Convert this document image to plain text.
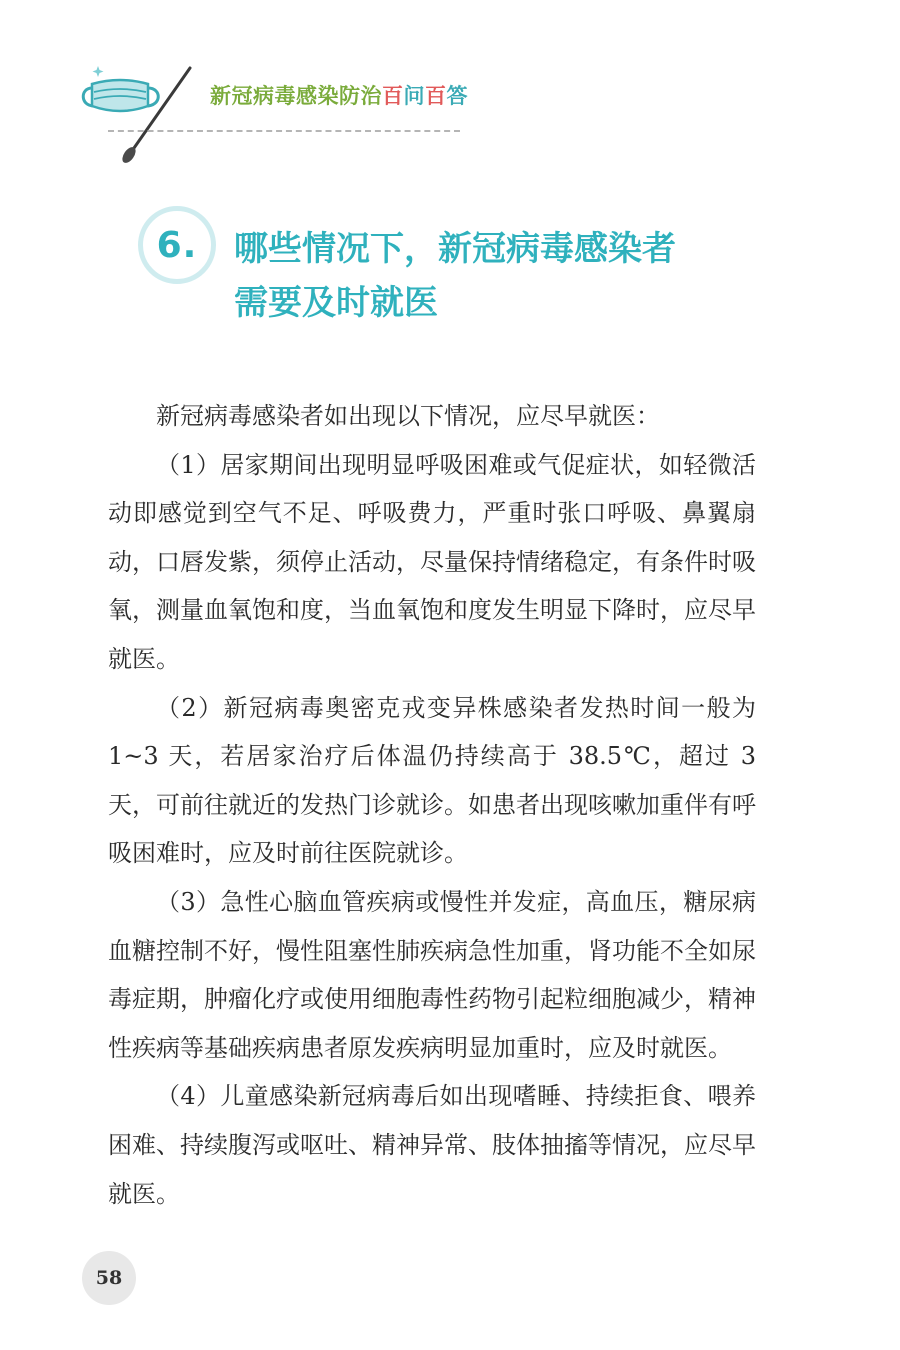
新冠病毒感染防治百问百答
6. 哪些情况下，新冠病毒感染者
需要及时就医

新冠病毒感染者如出现以下情况，应尽早就医：

（1）居家期间出现明显呼吸困难或气促症状，如轻微活动即感觉到空气不足、呼吸费力，严重时张口呼吸、鼻翼扇动，口唇发紫，须停止活动，尽量保持情绪稳定，有条件时吸氧，测量血氧饱和度，当血氧饱和度发生明显下降时，应尽早就医。

（2）新冠病毒奥密克戎变异株感染者发热时间一般为 1~3 天，若居家治疗后体温仍持续高于 38.5℃，超过 3 天，可前往就近的发热门诊就诊。如患者出现咳嗽加重伴有呼吸困难时，应及时前往医院就诊。

（3）急性心脑血管疾病或慢性并发症，高血压，糖尿病血糖控制不好，慢性阻塞性肺疾病急性加重，肾功能不全如尿毒症期，肿瘤化疗或使用细胞毒性药物引起粒细胞减少，精神性疾病等基础疾病患者原发疾病明显加重时，应及时就医。

（4）儿童感染新冠病毒后如出现嗜睡、持续拒食、喂养困难、持续腹泻或呕吐、精神异常、肢体抽搐等情况，应尽早就医。

58
